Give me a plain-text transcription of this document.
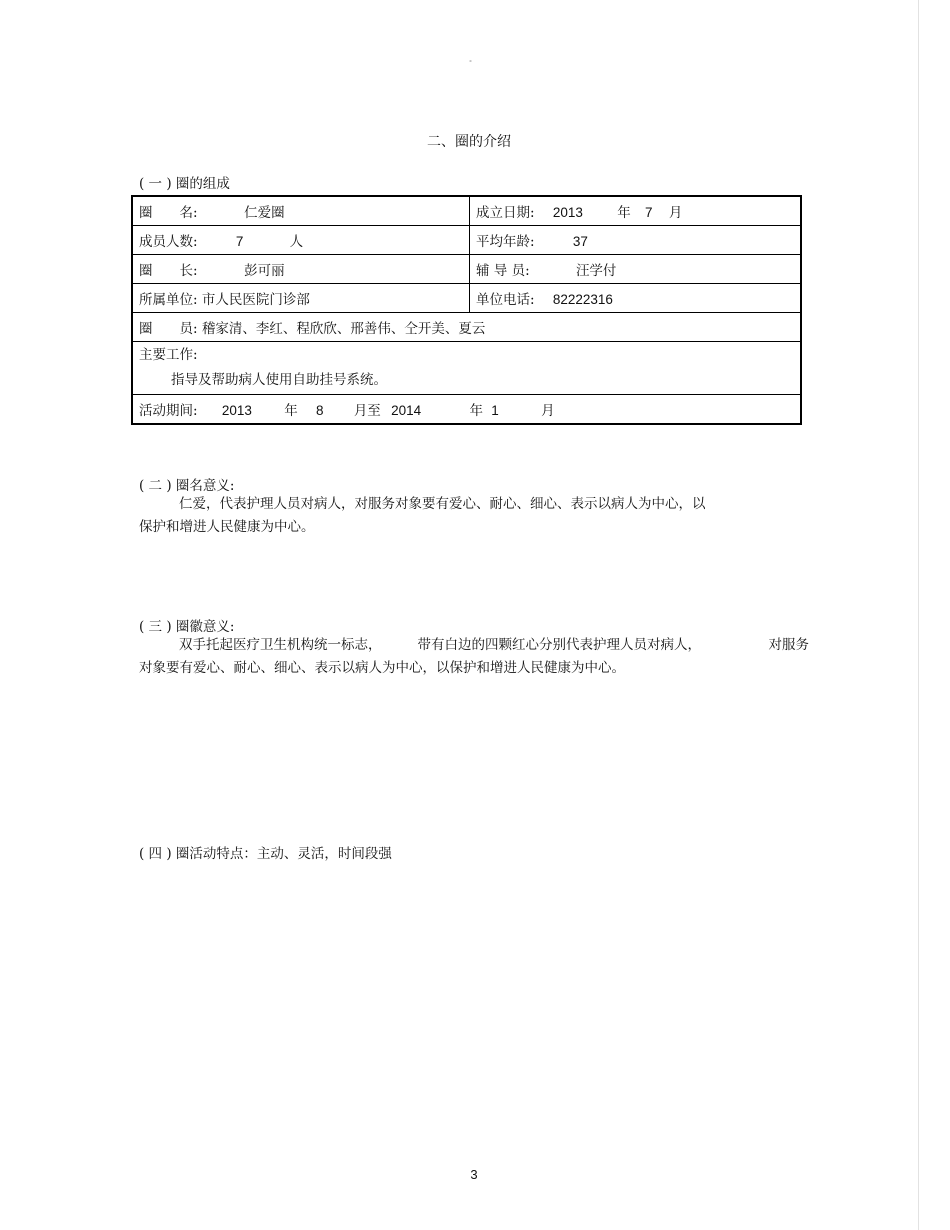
°
二、圈的介绍
( 一 ) 圈的组成
圈　　名: 仁爱圈	成立日期: 2013 年 7 月
成员人数: 7 人	平均年龄: 37
圈　　长: 彭可丽	辅 导 员: 汪学付
所属单位: 市人民医院门诊部	单位电话: 82222316
圈　　员: 稽家清、李红、程欣欣、邢善伟、仝开美、夏云	

主要工作:
指导及帮助病人使用自助挂号系统。	

活动期间: 2013 年 8 月至 2014 年 1 月	
( 二 ) 圈名意义:
仁爱，代表护理人员对病人，对服务对象要有爱心、耐心、细心、表示以病人为中心，以
保护和增进人民健康为中心。
( 三 ) 圈徽意义:
双手托起医疗卫生机构统一标志，	带有白边的四颗红心分别代表护理人员对病人，	对服务
对象要有爱心、耐心、细心、表示以病人为中心，以保护和增进人民健康为中心。
( 四 ) 圈活动特点：主动、灵活，时间段强
3
